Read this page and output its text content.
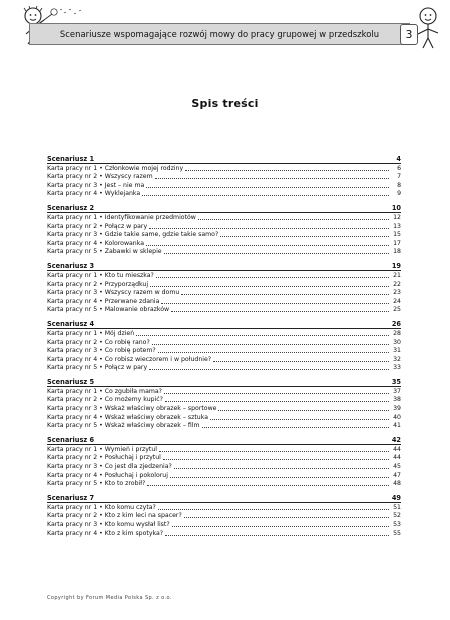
Scenariusze wspomagające rozwój mowy do pracy grupowej w przedszkolu 3
Spis treści
Scenariusz 1	4
Karta pracy nr 1 • Członkowie mojej rodziny	6
Karta pracy nr 2 • Wszyscy razem	7
Karta pracy nr 3 • Jest – nie ma	8
Karta pracy nr 4 • Wyklejanka	9
Scenariusz 2	10
Karta pracy nr 1 • Identyfikowanie przedmiotów	12
Karta pracy nr 2 • Połącz w pary	13
Karta pracy nr 3 • Gdzie takie same, gdzie takie samo?	15
Karta pracy nr 4 • Kolorowanka	17
Karta pracy nr 5 • Zabawki w sklepie	18
Scenariusz 3	19
Karta pracy nr 1 • Kto tu mieszka?	21
Karta pracy nr 2 • Przyporządkuj	22
Karta pracy nr 3 • Wszyscy razem w domu	23
Karta pracy nr 4 • Przerwane zdania	24
Karta pracy nr 5 • Malowanie obrazków	25
Scenariusz 4	26
Karta pracy nr 1 • Mój dzień	28
Karta pracy nr 2 • Co robię rano?	30
Karta pracy nr 3 • Co robię potem?	31
Karta pracy nr 4 • Co robisz wieczorem i w południe?	32
Karta pracy nr 5 • Połącz w pary	33
Scenariusz 5	35
Karta pracy nr 1 • Co zgubiła mama?	37
Karta pracy nr 2 • Co możemy kupić?	38
Karta pracy nr 3 • Wskaż właściwy obrazek – sportowe	39
Karta pracy nr 4 • Wskaż właściwy obrazek – sztuka	40
Karta pracy nr 5 • Wskaż właściwy obrazek – film	41
Scenariusz 6	42
Karta pracy nr 1 • Wymień i przytul	44
Karta pracy nr 2 • Posłuchaj i przytul	44
Karta pracy nr 3 • Co jest dla zjedzenia?	45
Karta pracy nr 4 • Posłuchaj i pokoloruj	47
Karta pracy nr 5 • Kto to zrobił?	48
Scenariusz 7	49
Karta pracy nr 1 • Kto komu czyta?	51
Karta pracy nr 2 • Kto z kim leci na spacer?	52
Karta pracy nr 3 • Kto komu wysłał list?	53
Karta pracy nr 4 • Kto z kim spotyka?	55
Copyright by Forum Media Polska Sp. z o.o.
